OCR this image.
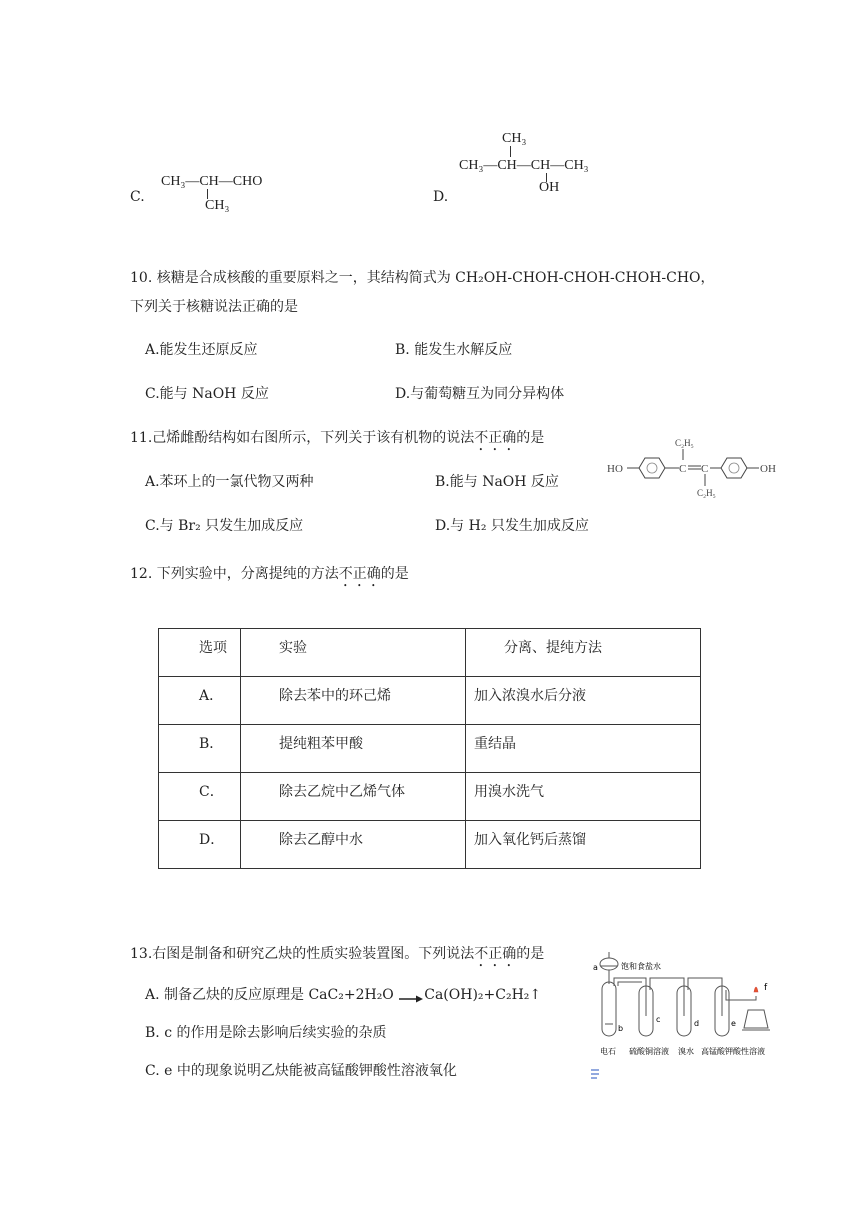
C.
CH₃—CH—CHO
CH₃
D.
CH₃
CH₃—CH—CH—CH₃
OH
10. 核糖是合成核酸的重要原料之一，其结构简式为 CH₂OH-CHOH-CHOH-CHOH-CHO，
下列关于核糖说法正确的是
A.能发生还原反应	B. 能发生水解反应
C.能与 NaOH 反应	D.与葡萄糖互为同分异构体
11.己烯雌酚结构如右图所示，下列关于该有机物的说法不正确的是
A.苯环上的一氯代物又两种	B.能与 NaOH 反应
C.与 Br₂ 只发生加成反应	D.与 H₂ 只发生加成反应
HO	C C
C₂H₅
C₂H₅
OH
12. 下列实验中，分离提纯的方法不正确的是
选项	实验	分离、提纯方法
A．	除去苯中的环己烯	加入浓溴水后分液
B．	提纯粗苯甲酸	重结晶
C．	除去乙烷中乙烯气体	用溴水洗气
D．	除去乙醇中水	加入氧化钙后蒸馏
13.右图是制备和研究乙炔的性质实验装置图。下列说法不正确的是
A. 制备乙炔的反应原理是 CaC₂+2H₂O →Ca(OH)₂+C₂H₂↑
B. c 的作用是除去影响后续实验的杂质
C. e 中的现象说明乙炔能被高锰酸钾酸性溶液氧化
a	饱和食盐水
b
c	d	e
f
电石 硫酸铜溶液 溴水 高锰酸钾酸性溶液
